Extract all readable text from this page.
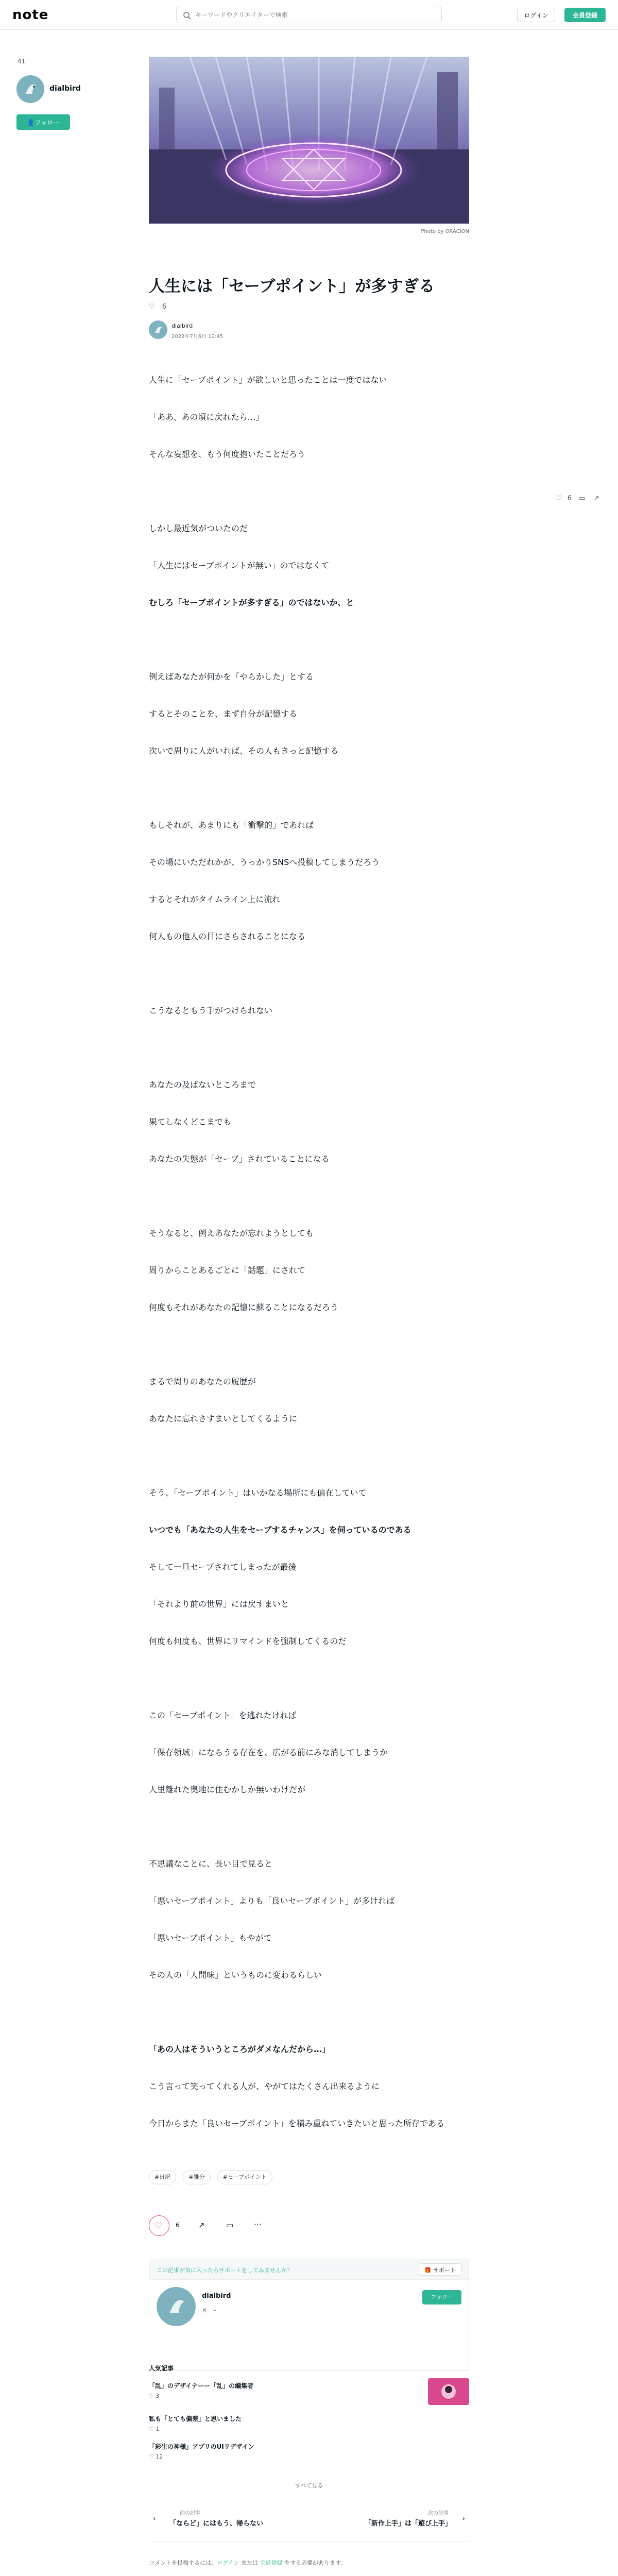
note
キーワードやクリエイターで検索	ログイン	会員登録
41
dialbird
👤フォロー
Photo by ORACION
人生には「セーブポイント」が多すぎる
♡ 6
dialbird
2023年7月6日 12:45
♡ 6 ▭ ↗

人生に「セーブポイント」が欲しいと思ったことは一度ではない

「ああ、あの頃に戻れたら…」

そんな妄想を、もう何度抱いたことだろう

しかし最近気がついたのだ

「人生にはセーブポイントが無い」のではなくて

むしろ「セーブポイントが多すぎる」のではないか、と

例えばあなたが何かを「やらかした」とする

するとそのことを、まず自分が記憶する

次いで周りに人がいれば、その人もきっと記憶する

もしそれが、あまりにも「衝撃的」であれば

その場にいただれかが、うっかりSNSへ投稿してしまうだろう

するとそれがタイムライン上に流れ

何人もの他人の目にさらされることになる

こうなるともう手がつけられない

あなたの及ばないところまで

果てしなくどこまでも

あなたの失態が「セーブ」されていることになる

そうなると、例えあなたが忘れようとしても

周りからことあるごとに「話題」にされて

何度もそれがあなたの記憶に蘇ることになるだろう

まるで周りのあなたの履歴が

あなたに忘れさすまいとしてくるように

そう、「セーブポイント」はいかなる場所にも偏在していて

いつでも「あなたの人生をセーブするチャンス」を伺っているのである

そして一旦セーブされてしまったが最後

「それより前の世界」には戻すまいと

何度も何度も、世界にリマインドを強制してくるのだ

この「セーブポイント」を逃れたければ

「保存領域」にならうる存在を、広がる前にみな消してしまうか

人里離れた奥地に住むかしか無いわけだが

不思議なことに、長い目で見ると

「悪いセーブポイント」よりも「良いセーブポイント」が多ければ

「悪いセーブポイント」もやがて

その人の「人間味」というものに変わるらしい

「あの人はそういうところがダメなんだから…」

こう言って笑ってくれる人が、やがてはたくさん出来るように

今日からまた「良いセーブポイント」を積み重ねていきたいと思った所存である

#日記	#雑分	#セーブポイント
♡ 6 ↗	▭	⋯
この記事が気に入ったらサポートをしてみませんか？	🎁 サポート
dialbird
✕   ⌁
フォロー
人気記事
「乱」のデザイナーー「乱」の編集者
♡ 3
私も「とても偏差」と思いました
♡ 1
「彩生の神様」アプリのUIリデザイン
♡ 12
すべて見る
‹
前の記事
「ならど」にはもう、帰らない
次の記事
「新作上手」は「遊び上手」
›
コメントを投稿するには、ログイン または 会員登録 をする必要があります。
